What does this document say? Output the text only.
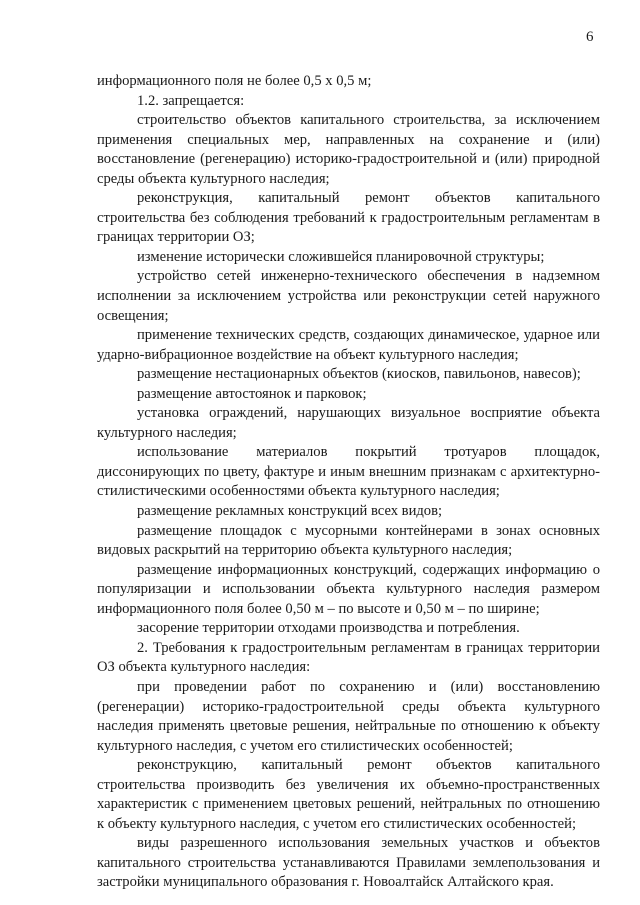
6

информационного поля не более 0,5 х 0,5 м;

1.2. запрещается:

строительство объектов капитального строительства, за исключением применения специальных мер, направленных на сохранение и (или) восстановление (регенерацию) историко-градостроительной и (или) природной среды объекта культурного наследия;

реконструкция, капитальный ремонт объектов капитального строительства без соблюдения требований к градостроительным регламентам в границах территории ОЗ;

изменение исторически сложившейся планировочной структуры;

устройство сетей инженерно-технического обеспечения в надземном исполнении за исключением устройства или реконструкции сетей наружного освещения;

применение технических средств, создающих динамическое, ударное или ударно-вибрационное воздействие на объект культурного наследия;

размещение нестационарных объектов (киосков, павильонов, навесов);

размещение автостоянок и парковок;

установка ограждений, нарушающих визуальное восприятие объекта культурного наследия;

использование материалов покрытий тротуаров площадок, диссонирующих по цвету, фактуре и иным внешним признакам с архитектурно-стилистическими особенностями объекта культурного наследия;

размещение рекламных конструкций всех видов;

размещение площадок с мусорными контейнерами в зонах основных видовых раскрытий на территорию объекта культурного наследия;

размещение информационных конструкций, содержащих информацию о популяризации и использовании объекта культурного наследия размером информационного поля более 0,50 м – по высоте и 0,50 м – по ширине;

засорение территории отходами производства и потребления.

2. Требования к градостроительным регламентам в границах территории ОЗ объекта культурного наследия:

при проведении работ по сохранению и (или) восстановлению (регенерации) историко-градостроительной среды объекта культурного наследия применять цветовые решения, нейтральные по отношению к объекту культурного наследия, с учетом его стилистических особенностей;

реконструкцию, капитальный ремонт объектов капитального строительства производить без увеличения их объемно-пространственных характеристик с применением цветовых решений, нейтральных по отношению к объекту культурного наследия, с учетом его стилистических особенностей;

виды разрешенного использования земельных участков и объектов капитального строительства устанавливаются Правилами землепользования и застройки муниципального образования г. Новоалтайск Алтайского края.
